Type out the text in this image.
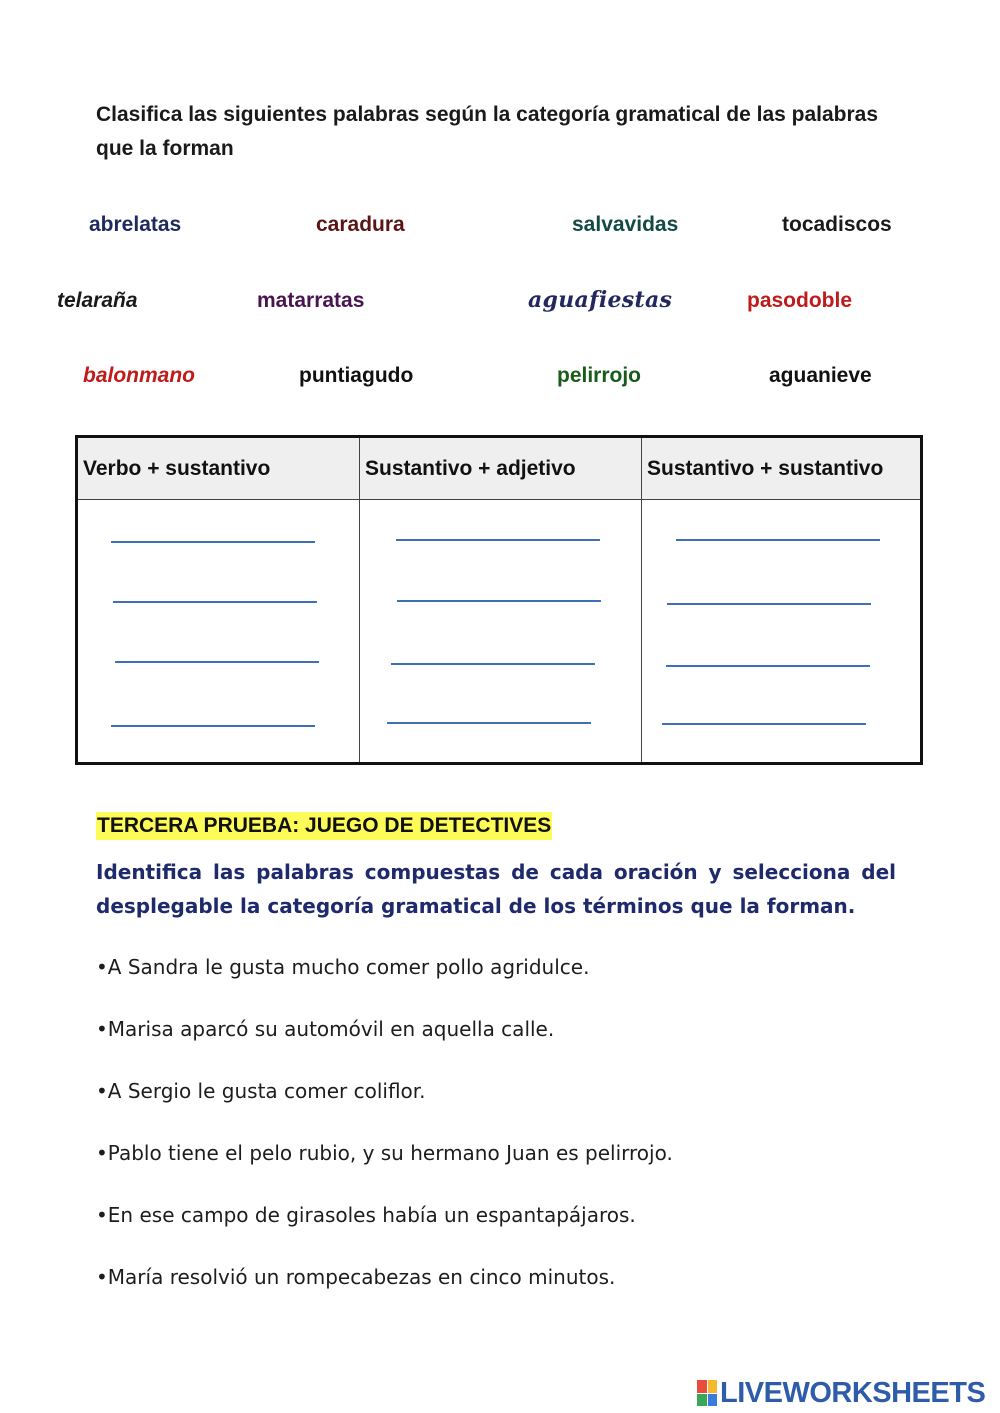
Clasifica las siguientes palabras según la categoría gramatical de las palabras que la forman
abrelatas	caradura	salvavidas	tocadiscos
telaraña	matarratas	aguafiestas	pasodoble
balonmano	puntiagudo	pelirrojo	aguanieve
Verbo + sustantivo	Sustantivo + adjetivo	Sustantivo + sustantivo
TERCERA PRUEBA: JUEGO DE DETECTIVES
Identifica las palabras compuestas de cada oración y selecciona del desplegable la categoría gramatical de los términos que la forman.
•A Sandra le gusta mucho comer pollo agridulce.
•Marisa aparcó su automóvil en aquella calle.
•A Sergio le gusta comer coliflor.
•Pablo tiene el pelo rubio, y su hermano Juan es pelirrojo.
•En ese campo de girasoles había un espantapájaros.
•María resolvió un rompecabezas en cinco minutos.
LIVEWORKSHEETS
